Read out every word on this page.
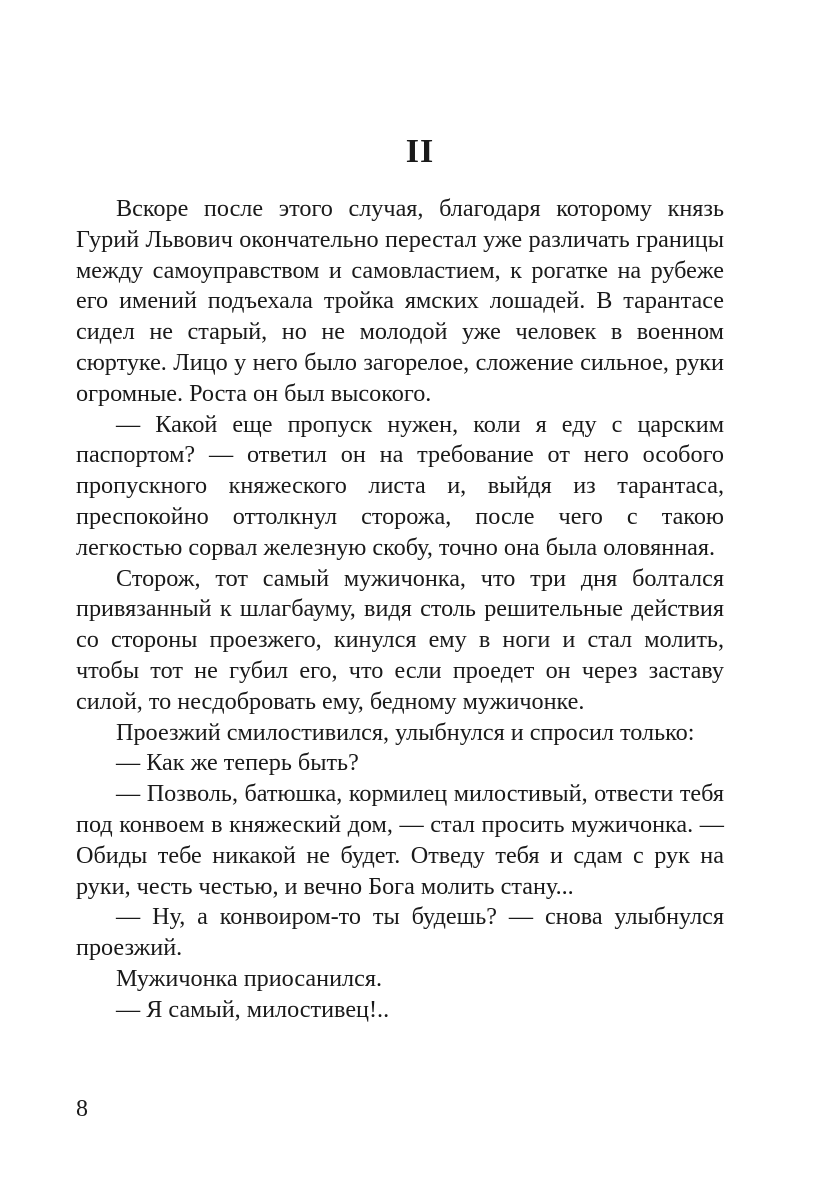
II

Вскоре после этого случая, благодаря которому князь Гурий Львович окончательно перестал уже различать границы между самоуправством и самовластием, к рогатке на рубеже его имений подъехала тройка ямских лошадей. В тарантасе сидел не старый, но не молодой уже человек в военном сюртуке. Лицо у него было загорелое, сложение сильное, руки огромные. Роста он был высокого.

— Какой еще пропуск нужен, коли я еду с царским паспортом? — ответил он на требование от него особого пропускного княжеского листа и, выйдя из тарантаса, преспокойно оттолкнул сторожа, после чего с такою легкостью сорвал железную скобу, точно она была оловянная.

Сторож, тот самый мужичонка, что три дня болтался привязанный к шлагбауму, видя столь решительные действия со стороны проезжего, кинулся ему в ноги и стал молить, чтобы тот не губил его, что если проедет он через заставу силой, то несдобровать ему, бедному мужичонке.

Проезжий смилостивился, улыбнулся и спросил только:

— Как же теперь быть?

— Позволь, батюшка, кормилец милостивый, отвести тебя под конвоем в княжеский дом, — стал просить мужичонка. — Обиды тебе никакой не будет. Отведу тебя и сдам с рук на руки, честь честью, и вечно Бога молить стану...

— Ну, а конвоиром-то ты будешь? — снова улыбнулся проезжий.

Мужичонка приосанился.

— Я самый, милостивец!..

8
